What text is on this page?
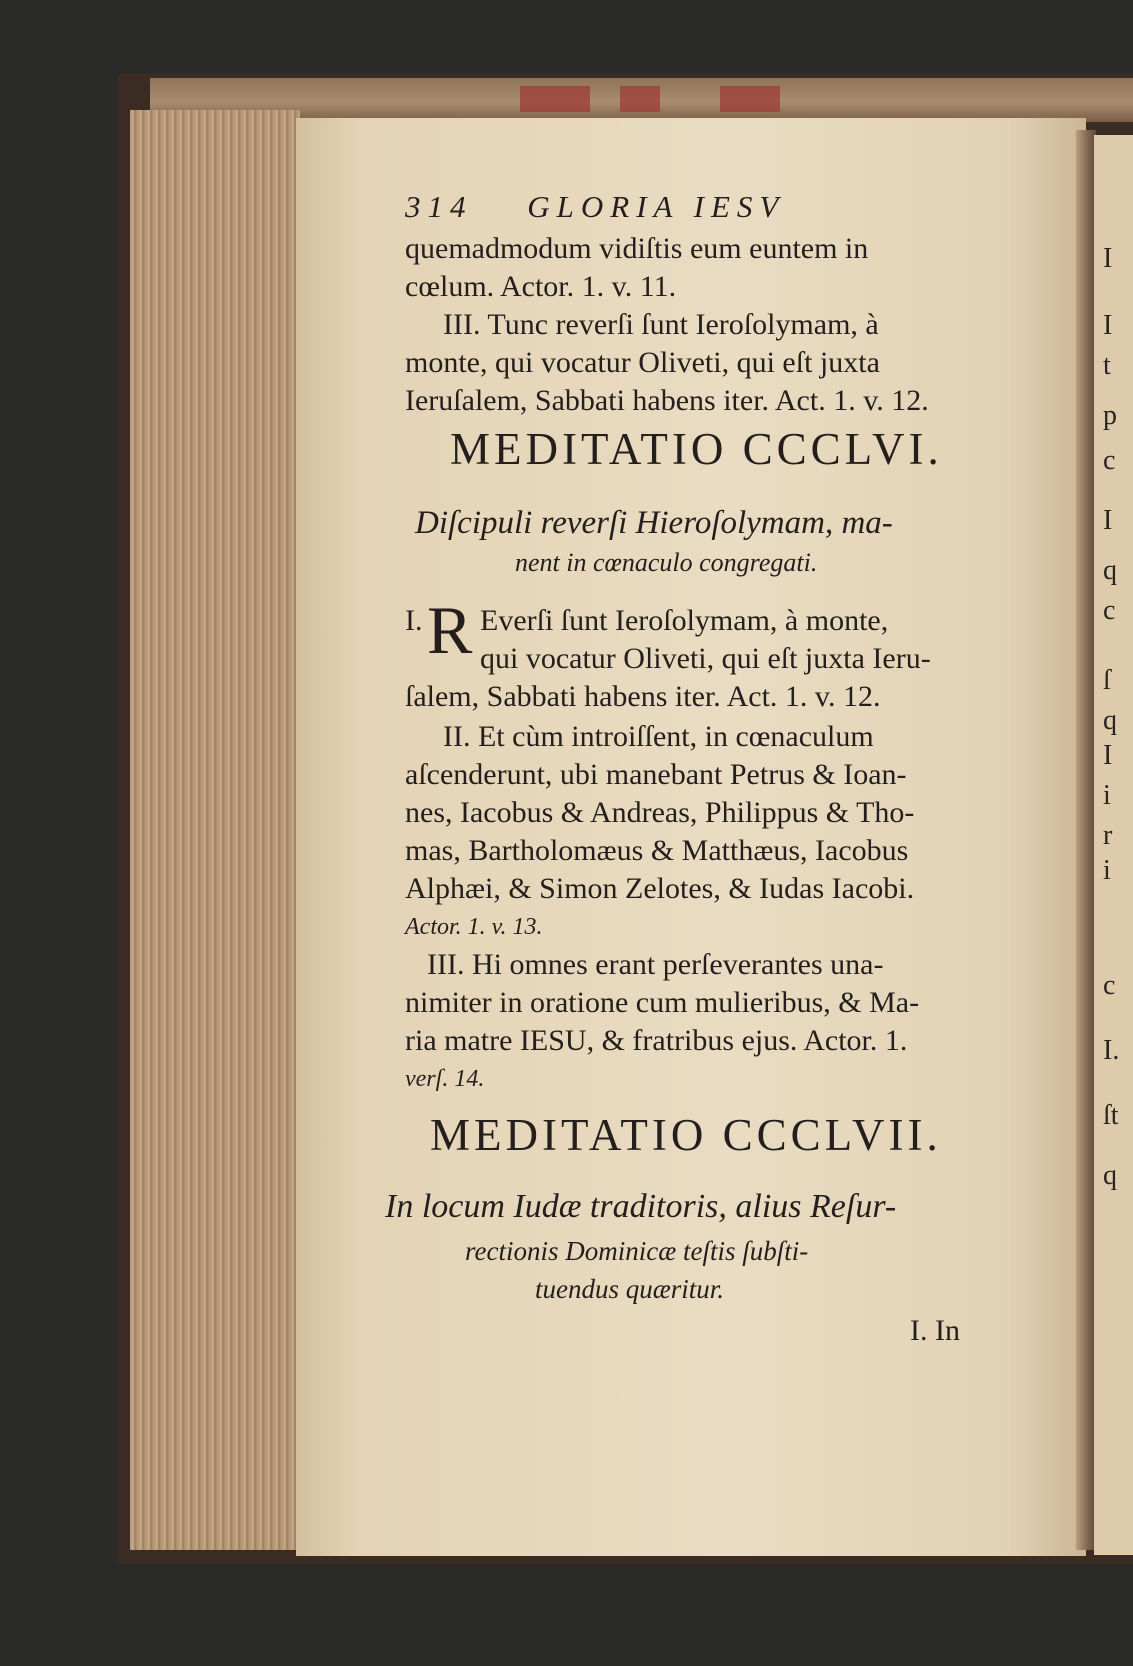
I
I
t
p
c
I
q
c
ſ
q
I
i
r
i
c
I.
ſt
q
314 GLORIA IESV
quemadmodum vidiſtis eum euntem in
cœlum. Actor. 1. v. 11.
III. Tunc reverſi ſunt Ieroſolymam, à
monte, qui vocatur Oliveti, qui eſt juxta
Ieruſalem, Sabbati habens iter. Act. 1. v. 12.
MEDITATIO CCCLVI.
Diſcipuli reverſi Hieroſolymam, ma-
nent in cœnaculo congregati.
I. R Everſi ſunt Ieroſolymam, à monte,
qui vocatur Oliveti, qui eſt juxta Ieru-
ſalem, Sabbati habens iter. Act. 1. v. 12.
II. Et cùm introiſſent, in cœnaculum
aſcenderunt, ubi manebant Petrus & Ioan-
nes, Iacobus & Andreas, Philippus & Tho-
mas, Bartholomæus & Matthæus, Iacobus
Alphæi, & Simon Zelotes, & Iudas Iacobi.
Actor. 1. v. 13.
III. Hi omnes erant perſeverantes una-
nimiter in oratione cum mulieribus, & Ma-
ria matre IESU, & fratribus ejus. Actor. 1.
verſ. 14.
MEDITATIO CCCLVII.
In locum Iudæ traditoris, alius Reſur-
rectionis Dominicæ teſtis ſubſti-
tuendus quæritur.
I. In
